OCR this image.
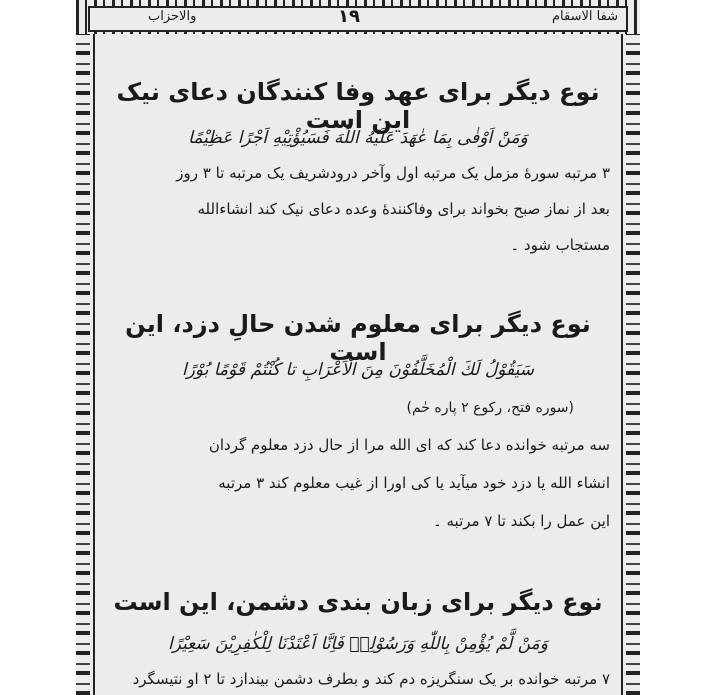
والاحزاب	١٩	شفا الاسقام

نوع دیگر برای عهد وفا کنندگان دعای نیک این است

وَمَنْ اَوْفٰى بِمَا عٰهَدَ عَلَيْهُ اللّٰهَ فَسَيُؤْتِيْهِ اَجْرًا عَظِيْمًا

۳ مرتبه سورهٔ مزمل یک مرتبه اول وآخر درودشریف یک مرتبه تا ۳ روز

بعد از نماز صبح بخواند برای وفاکنندهٔ وعده دعای نیک کند انشاءالله

مستجاب شود ۔

نوع دیگر برای معلوم شدن حالِ دزد، این است

سَيَقُوْلُ لَكَ الْمُخَلَّفُوْنَ مِنَ الْاَعْرَابِ تا كُنْتُمْ قَوْمًا بُوْرًا

(سوره فتح، رکوع ۲ پاره حٰم)

سه مرتبه خوانده دعا کند که ای الله مرا از حالِ دزد معلوم گردان

انشاء الله یا دزد خود میآید یا کی اورا از غیب معلوم کند ۳ مرتبه

این عمل را بکند تا ۷ مرتبه ۔

نوع دیگر برای زبان بندی دشمن، این است

وَمَنْ لَّمْ يُؤْمِنْ بِاللّٰهِ وَرَسُوْلِهٖ فَاِنَّا اَعْتَدْنَا لِلْكٰفِرِيْنَ سَعِيْرًا

۷ مرتبه خوانده بر یک سنگریزه دم کند و بطرف دشمن بیندازد تا ۲ او نتیسگرد
